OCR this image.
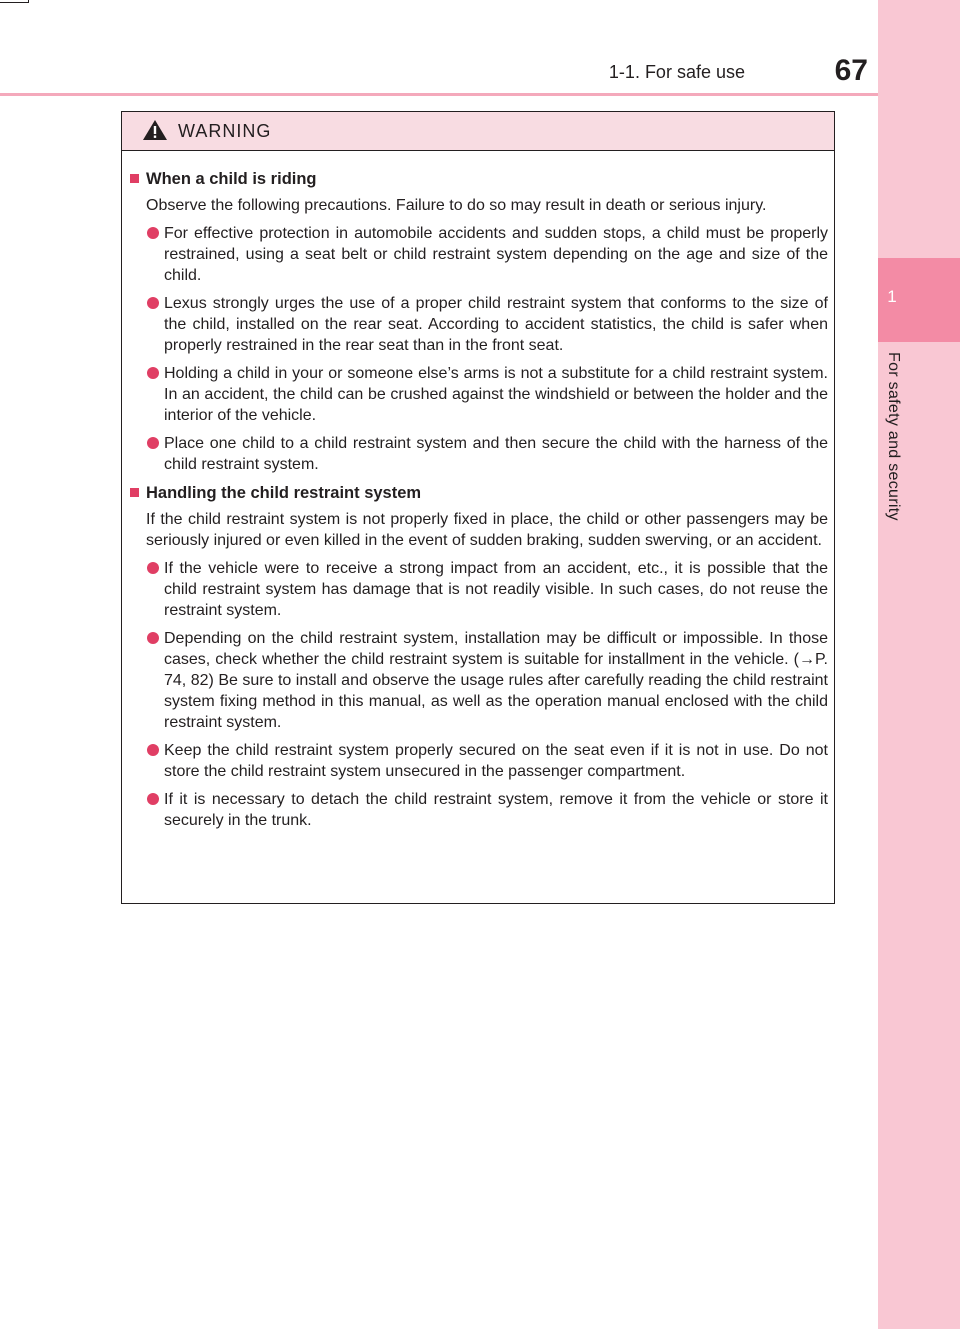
1
For safety and security
1-1. For safe use	67
WARNING
When a child is riding
Observe the following precautions. Failure to do so may result in death or serious injury.
For effective protection in automobile accidents and sudden stops, a child must be properly restrained, using a seat belt or child restraint system depending on the age and size of the child.
Lexus strongly urges the use of a proper child restraint system that conforms to the size of the child, installed on the rear seat. According to accident statistics, the child is safer when properly restrained in the rear seat than in the front seat.
Holding a child in your or someone else’s arms is not a substitute for a child restraint system. In an accident, the child can be crushed against the windshield or between the holder and the interior of the vehicle.
Place one child to a child restraint system and then secure the child with the harness of the child restraint system.
Handling the child restraint system
If the child restraint system is not properly fixed in place, the child or other passengers may be seriously injured or even killed in the event of sudden braking, sudden swerving, or an accident.
If the vehicle were to receive a strong impact from an accident, etc., it is possible that the child restraint system has damage that is not readily visible. In such cases, do not reuse the restraint system.
Depending on the child restraint system, installation may be difficult or impossible. In those cases, check whether the child restraint system is suitable for installment in the vehicle. (→P. 74, 82) Be sure to install and observe the usage rules after carefully reading the child restraint system fixing method in this manual, as well as the operation manual enclosed with the child restraint system.
Keep the child restraint system properly secured on the seat even if it is not in use. Do not store the child restraint system unsecured in the passenger compartment.
If it is necessary to detach the child restraint system, remove it from the vehicle or store it securely in the trunk.
